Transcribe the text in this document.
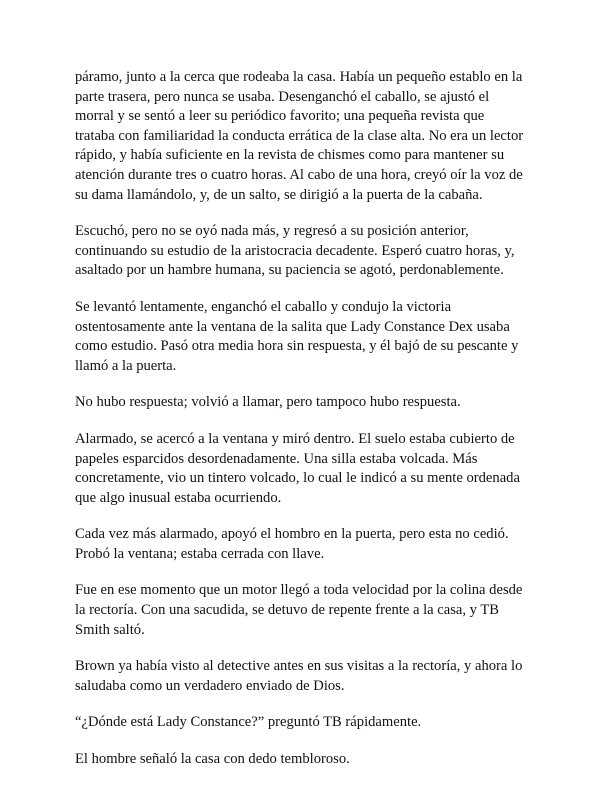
páramo, junto a la cerca que rodeaba la casa. Había un pequeño establo en la parte trasera, pero nunca se usaba. Desenganchó el caballo, se ajustó el morral y se sentó a leer su periódico favorito; una pequeña revista que trataba con familiaridad la conducta errática de la clase alta. No era un lector rápido, y había suficiente en la revista de chismes como para mantener su atención durante tres o cuatro horas. Al cabo de una hora, creyó oír la voz de su dama llamándolo, y, de un salto, se dirigió a la puerta de la cabaña.

Escuchó, pero no se oyó nada más, y regresó a su posición anterior, continuando su estudio de la aristocracia decadente. Esperó cuatro horas, y, asaltado por un hambre humana, su paciencia se agotó, perdonablemente.

Se levantó lentamente, enganchó el caballo y condujo la victoria ostentosamente ante la ventana de la salita que Lady Constance Dex usaba como estudio. Pasó otra media hora sin respuesta, y él bajó de su pescante y llamó a la puerta.

No hubo respuesta; volvió a llamar, pero tampoco hubo respuesta.

Alarmado, se acercó a la ventana y miró dentro. El suelo estaba cubierto de papeles esparcidos desordenadamente. Una silla estaba volcada. Más concretamente, vio un tintero volcado, lo cual le indicó a su mente ordenada que algo inusual estaba ocurriendo.

Cada vez más alarmado, apoyó el hombro en la puerta, pero esta no cedió. Probó la ventana; estaba cerrada con llave.

Fue en ese momento que un motor llegó a toda velocidad por la colina desde la rectoría. Con una sacudida, se detuvo de repente frente a la casa, y TB Smith saltó.

Brown ya había visto al detective antes en sus visitas a la rectoría, y ahora lo saludaba como un verdadero enviado de Dios.

“¿Dónde está Lady Constance?” preguntó TB rápidamente.

El hombre señaló la casa con dedo tembloroso.
